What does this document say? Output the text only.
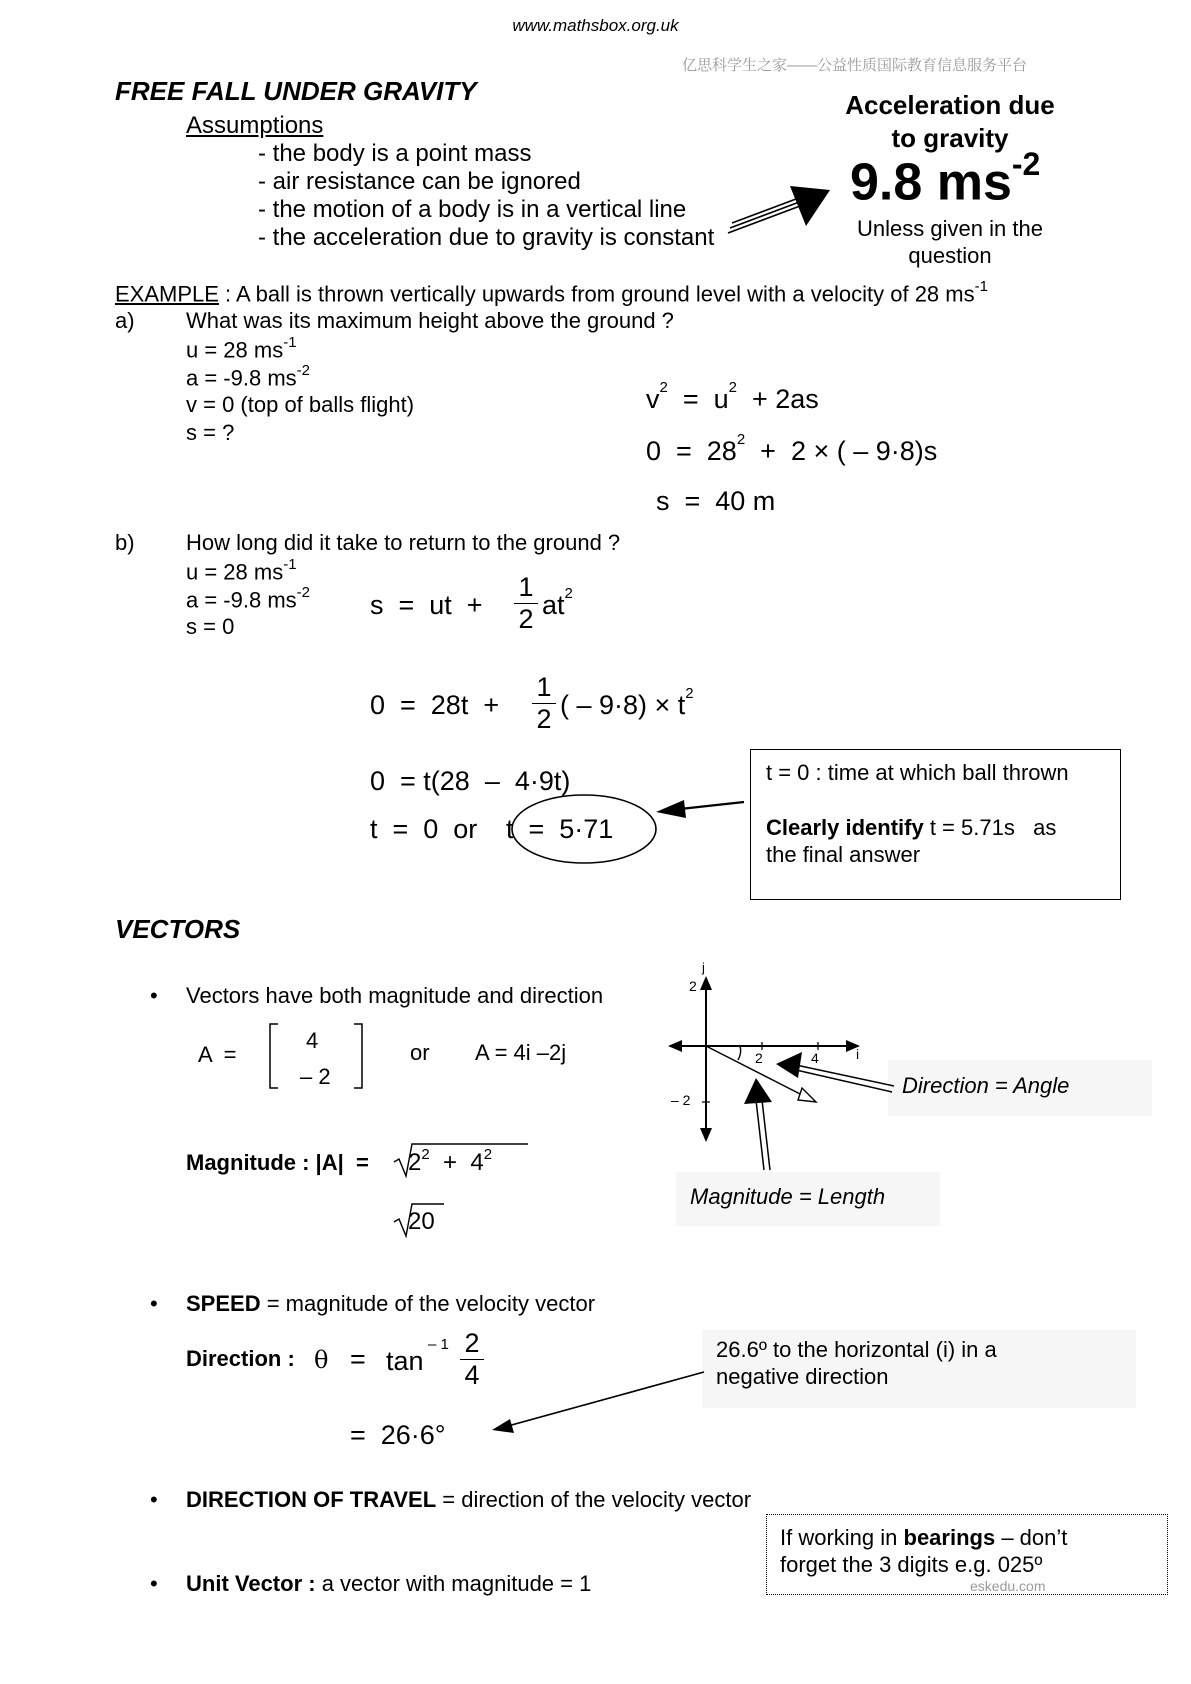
www.mathsbox.org.uk
亿思科学生之家——公益性质国际教育信息服务平台
FREE FALL UNDER GRAVITY
Assumptions
- the body is a point mass
- air resistance can be ignored
- the motion of a body is in a vertical line
- the acceleration due to gravity is constant
Acceleration due
to gravity
9.8 $ms^{-2}$
Unless given in the
question
EXAMPLE : A ball is thrown vertically upwards from ground level with a velocity of 28 $ms^{-1}$
a) What was its maximum height above the ground ?
u = 28 $ms^{-1}$
a = -9.8 $ms^{-2}$
v = 0 (top of balls flight)
s = ?
$v^2 = u^2 + 2as$
$0 = 28^2 + 2$ × ( – 9·8)s
s  =  40 m
b) How long did it take to return to the ground ?
u = 28 $ms^{-1}$
a = -9.8 $ms^{-2}$
s = 0
s  =  ut  +
1
2 $at^2$
0  =  28t  +
1
2 ( – $9\cdot 8) \times t^2$
0  = t(28  –  4·9t)
t  =  0  or t  =  5·71
t = 0 : time at which ball thrown
Clearly identify t = 5.71s   as
the final answer
VECTORS
• Vectors have both magnitude and direction
A  =
4
– 2
or A = 4i –2j
Magnitude : $|A| = 2^2 + 4^2$
20
j
i
2
– 2
2	4
Direction = Angle
Magnitude = Length
• SPEED = magnitude of the velocity vector
Direction : θ = tan
– 1 2
4
=  26·6°
26.6º to the horizontal (i) in a
negative direction
• DIRECTION OF TRAVEL = direction of the velocity vector
If working in bearings – don’t
forget the 3 digits e.g. 025º
eskedu.com
• Unit Vector : a vector with magnitude = 1
